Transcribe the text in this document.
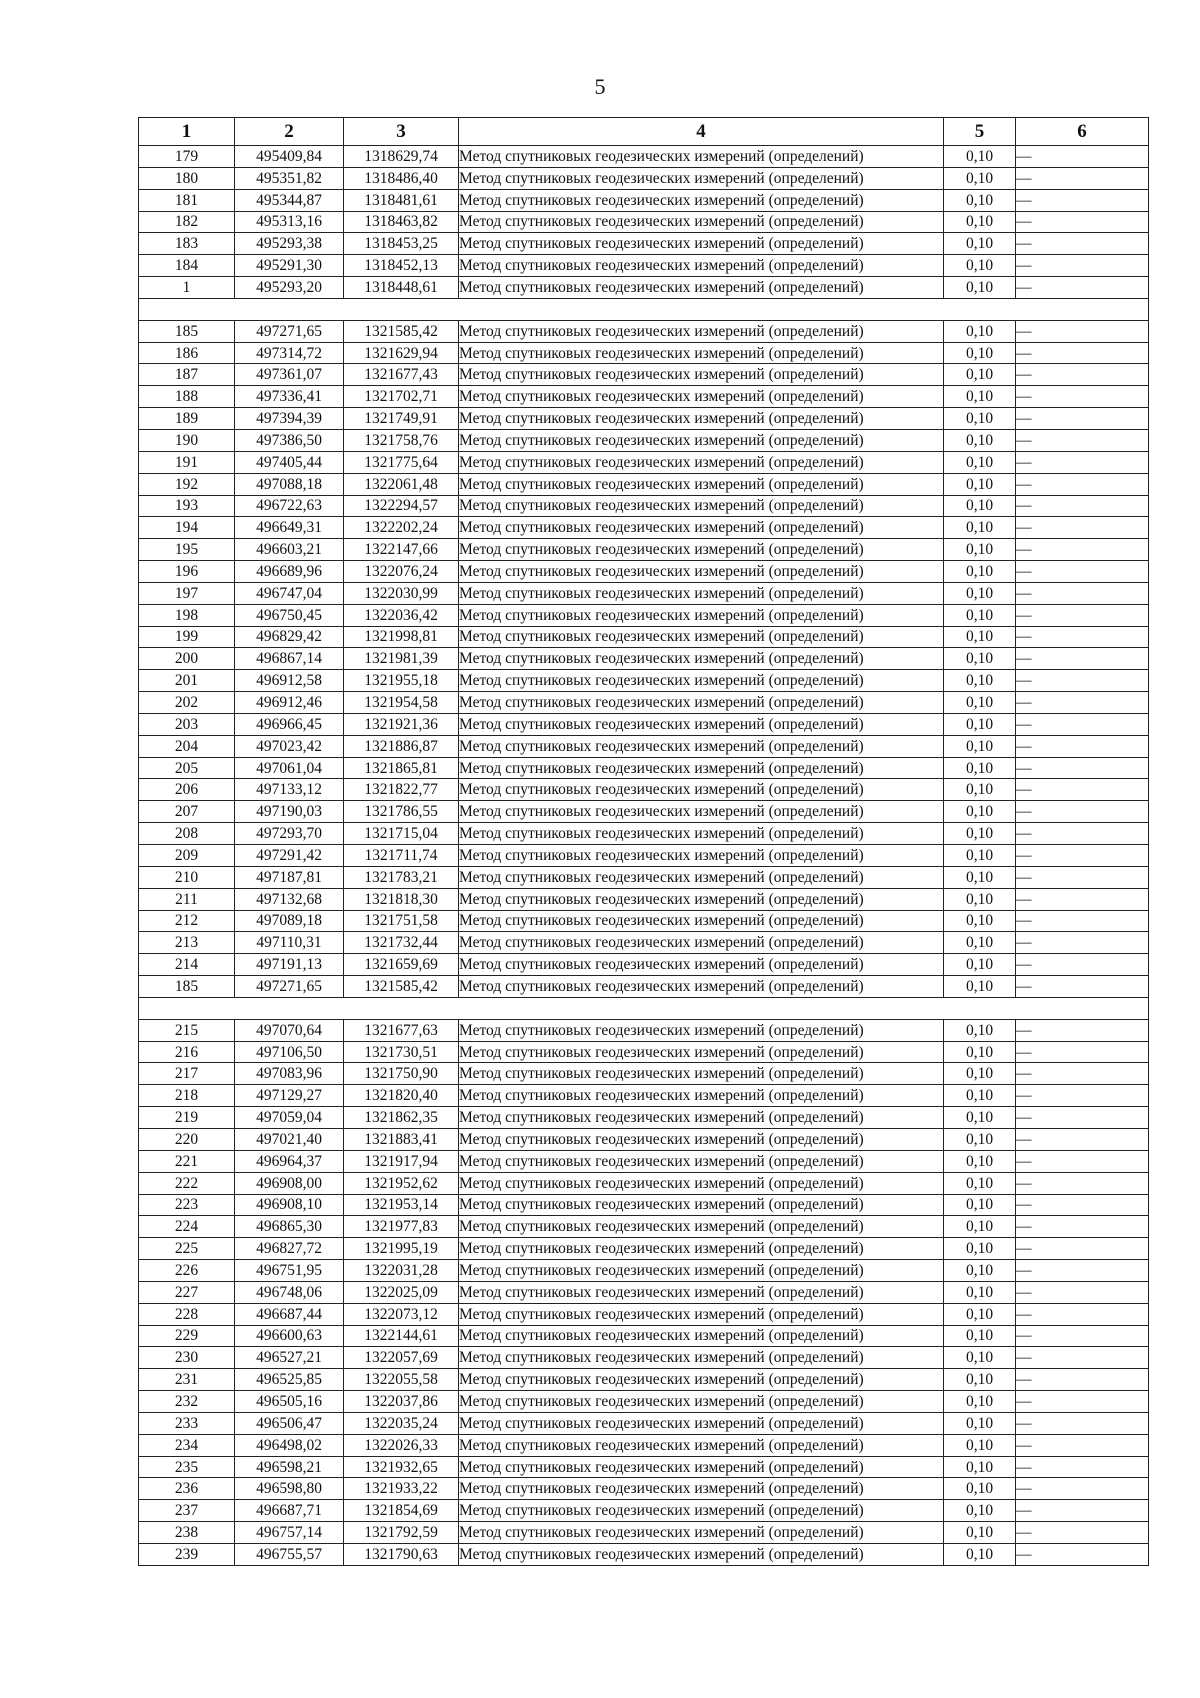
5
1	2	3	4	5	6
179	495409,84	1318629,74	Метод спутниковых геодезических измерений (определений)	0,10	—
180	495351,82	1318486,40	Метод спутниковых геодезических измерений (определений)	0,10	—
181	495344,87	1318481,61	Метод спутниковых геодезических измерений (определений)	0,10	—
182	495313,16	1318463,82	Метод спутниковых геодезических измерений (определений)	0,10	—
183	495293,38	1318453,25	Метод спутниковых геодезических измерений (определений)	0,10	—
184	495291,30	1318452,13	Метод спутниковых геодезических измерений (определений)	0,10	—
1	495293,20	1318448,61	Метод спутниковых геодезических измерений (определений)	0,10	—

185	497271,65	1321585,42	Метод спутниковых геодезических измерений (определений)	0,10	—
186	497314,72	1321629,94	Метод спутниковых геодезических измерений (определений)	0,10	—
187	497361,07	1321677,43	Метод спутниковых геодезических измерений (определений)	0,10	—
188	497336,41	1321702,71	Метод спутниковых геодезических измерений (определений)	0,10	—
189	497394,39	1321749,91	Метод спутниковых геодезических измерений (определений)	0,10	—
190	497386,50	1321758,76	Метод спутниковых геодезических измерений (определений)	0,10	—
191	497405,44	1321775,64	Метод спутниковых геодезических измерений (определений)	0,10	—
192	497088,18	1322061,48	Метод спутниковых геодезических измерений (определений)	0,10	—
193	496722,63	1322294,57	Метод спутниковых геодезических измерений (определений)	0,10	—
194	496649,31	1322202,24	Метод спутниковых геодезических измерений (определений)	0,10	—
195	496603,21	1322147,66	Метод спутниковых геодезических измерений (определений)	0,10	—
196	496689,96	1322076,24	Метод спутниковых геодезических измерений (определений)	0,10	—
197	496747,04	1322030,99	Метод спутниковых геодезических измерений (определений)	0,10	—
198	496750,45	1322036,42	Метод спутниковых геодезических измерений (определений)	0,10	—
199	496829,42	1321998,81	Метод спутниковых геодезических измерений (определений)	0,10	—
200	496867,14	1321981,39	Метод спутниковых геодезических измерений (определений)	0,10	—
201	496912,58	1321955,18	Метод спутниковых геодезических измерений (определений)	0,10	—
202	496912,46	1321954,58	Метод спутниковых геодезических измерений (определений)	0,10	—
203	496966,45	1321921,36	Метод спутниковых геодезических измерений (определений)	0,10	—
204	497023,42	1321886,87	Метод спутниковых геодезических измерений (определений)	0,10	—
205	497061,04	1321865,81	Метод спутниковых геодезических измерений (определений)	0,10	—
206	497133,12	1321822,77	Метод спутниковых геодезических измерений (определений)	0,10	—
207	497190,03	1321786,55	Метод спутниковых геодезических измерений (определений)	0,10	—
208	497293,70	1321715,04	Метод спутниковых геодезических измерений (определений)	0,10	—
209	497291,42	1321711,74	Метод спутниковых геодезических измерений (определений)	0,10	—
210	497187,81	1321783,21	Метод спутниковых геодезических измерений (определений)	0,10	—
211	497132,68	1321818,30	Метод спутниковых геодезических измерений (определений)	0,10	—
212	497089,18	1321751,58	Метод спутниковых геодезических измерений (определений)	0,10	—
213	497110,31	1321732,44	Метод спутниковых геодезических измерений (определений)	0,10	—
214	497191,13	1321659,69	Метод спутниковых геодезических измерений (определений)	0,10	—
185	497271,65	1321585,42	Метод спутниковых геодезических измерений (определений)	0,10	—

215	497070,64	1321677,63	Метод спутниковых геодезических измерений (определений)	0,10	—
216	497106,50	1321730,51	Метод спутниковых геодезических измерений (определений)	0,10	—
217	497083,96	1321750,90	Метод спутниковых геодезических измерений (определений)	0,10	—
218	497129,27	1321820,40	Метод спутниковых геодезических измерений (определений)	0,10	—
219	497059,04	1321862,35	Метод спутниковых геодезических измерений (определений)	0,10	—
220	497021,40	1321883,41	Метод спутниковых геодезических измерений (определений)	0,10	—
221	496964,37	1321917,94	Метод спутниковых геодезических измерений (определений)	0,10	—
222	496908,00	1321952,62	Метод спутниковых геодезических измерений (определений)	0,10	—
223	496908,10	1321953,14	Метод спутниковых геодезических измерений (определений)	0,10	—
224	496865,30	1321977,83	Метод спутниковых геодезических измерений (определений)	0,10	—
225	496827,72	1321995,19	Метод спутниковых геодезических измерений (определений)	0,10	—
226	496751,95	1322031,28	Метод спутниковых геодезических измерений (определений)	0,10	—
227	496748,06	1322025,09	Метод спутниковых геодезических измерений (определений)	0,10	—
228	496687,44	1322073,12	Метод спутниковых геодезических измерений (определений)	0,10	—
229	496600,63	1322144,61	Метод спутниковых геодезических измерений (определений)	0,10	—
230	496527,21	1322057,69	Метод спутниковых геодезических измерений (определений)	0,10	—
231	496525,85	1322055,58	Метод спутниковых геодезических измерений (определений)	0,10	—
232	496505,16	1322037,86	Метод спутниковых геодезических измерений (определений)	0,10	—
233	496506,47	1322035,24	Метод спутниковых геодезических измерений (определений)	0,10	—
234	496498,02	1322026,33	Метод спутниковых геодезических измерений (определений)	0,10	—
235	496598,21	1321932,65	Метод спутниковых геодезических измерений (определений)	0,10	—
236	496598,80	1321933,22	Метод спутниковых геодезических измерений (определений)	0,10	—
237	496687,71	1321854,69	Метод спутниковых геодезических измерений (определений)	0,10	—
238	496757,14	1321792,59	Метод спутниковых геодезических измерений (определений)	0,10	—
239	496755,57	1321790,63	Метод спутниковых геодезических измерений (определений)	0,10	—
